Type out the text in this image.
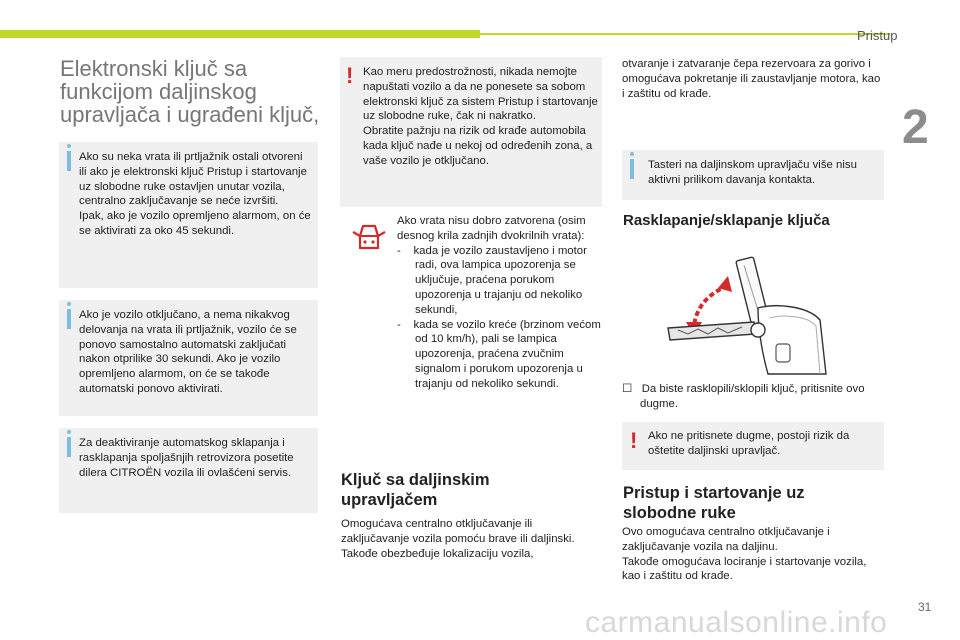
Pristup
2
Elektronski ključ sa funkcijom daljinskog upravljača i ugrađeni ključ,

Ako su neka vrata ili prtljažnik ostali otvoreni ili ako je elektronski ključ Pristup i startovanje uz slobodne ruke ostavljen unutar vozila, centralno zaključavanje se neće izvršiti.

Ipak, ako je vozilo opremljeno alarmom, on će se aktivirati za oko 45 sekundi.

Ako je vozilo otključano, a nema nikakvog delovanja na vrata ili prtljažnik, vozilo će se ponovo samostalno automatski zaključati nakon otprilike 30 sekundi. Ako je vozilo opremljeno alarmom, on će se takođe automatski ponovo aktivirati.

Za deaktiviranje automatskog sklapanja i rasklapanja spoljašnjih retrovizora posetite dilera CITROËN vozila ili ovlašćeni servis.

! Kao meru predostrožnosti, nikada nemojte napuštati vozilo a da ne ponesete sa sobom elektronski ključ za sistem Pristup i startovanje uz slobodne ruke, čak ni nakratko.

Obratite pažnju na rizik od krađe automobila kada ključ nađe u nekoj od određenih zona, a vaše vozilo je otključano.

Ako vrata nisu dobro zatvorena (osim desnog krila zadnjih dvokrilnih vrata):

-    kada je vozilo zaustavljeno i motor radi, ova lampica upozorenja se uključuje, praćena porukom upozorenja u trajanju od nekoliko sekundi,

-    kada se vozilo kreće (brzinom većom od 10 km/h), pali se lampica upozorenja, praćena zvučnim signalom i porukom upozorenja u trajanju od nekoliko sekundi.

Ključ sa daljinskim upravljačem

Omogućava centralno otključavanje ili zaključavanje vozila pomoću brave ili daljinski. Takođe obezbeđuje lokalizaciju vozila,

otvaranje i zatvaranje čepa rezervoara za gorivo i omogućava pokretanje ili zaustavljanje motora, kao i zaštitu od krađe.

Tasteri na daljinskom upravljaču više nisu aktivni prilikom davanja kontakta.

Rasklapanje/sklapanje ključa

☐   Da biste rasklopili/sklopili ključ, pritisnite ovo dugme.

! Ako ne pritisnete dugme, postoji rizik da oštetite daljinski upravljač.

Pristup i startovanje uz slobodne ruke

Ovo omogućava centralno otključavanje i zaključavanje vozila na daljinu.

Takođe omogućava lociranje i startovanje vozila, kao i zaštitu od krađe.

carmanualsonline.info	31
